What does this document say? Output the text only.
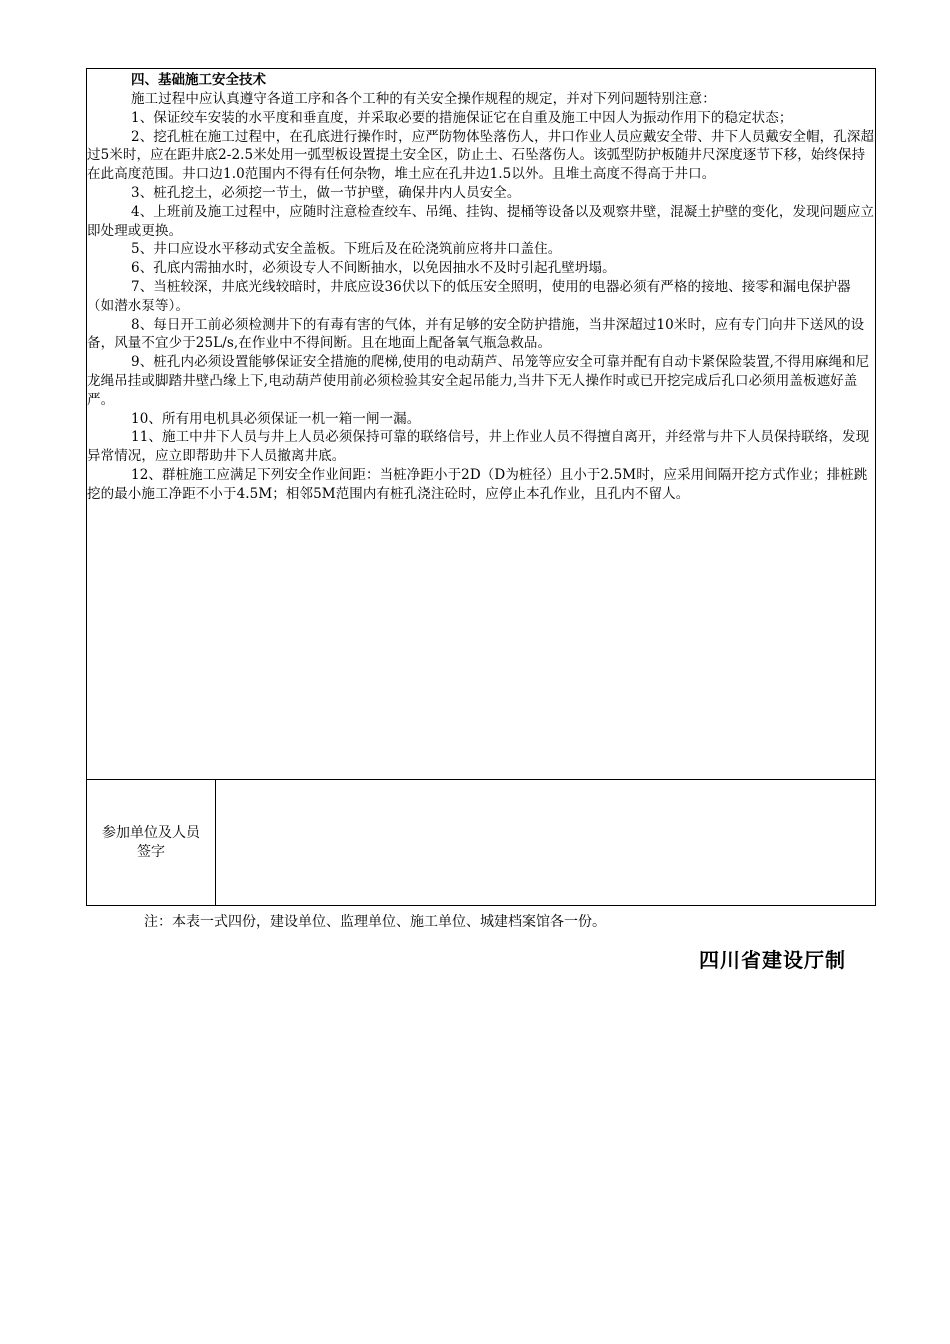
四、基础施工安全技术

施工过程中应认真遵守各道工序和各个工种的有关安全操作规程的规定，并对下列问题特别注意：

1、保证绞车安装的水平度和垂直度，并采取必要的措施保证它在自重及施工中因人为振动作用下的稳定状态；

2、挖孔桩在施工过程中，在孔底进行操作时，应严防物体坠落伤人，井口作业人员应戴安全带、井下人员戴安全帽，孔深超过5米时，应在距井底2-2.5米处用一弧型板设置提土安全区，防止土、石坠落伤人。该弧型防护板随井尺深度逐节下移，始终保持在此高度范围。井口边1.0范围内不得有任何杂物，堆土应在孔井边1.5以外。且堆土高度不得高于井口。

3、桩孔挖土，必须挖一节土，做一节护壁，确保井内人员安全。

4、上班前及施工过程中，应随时注意检查绞车、吊绳、挂钩、提桶等设备以及观察井壁，混凝土护壁的变化，发现问题应立即处理或更换。

5、井口应设水平移动式安全盖板。下班后及在砼浇筑前应将井口盖住。

6、孔底内需抽水时，必须设专人不间断抽水，以免因抽水不及时引起孔壁坍塌。

7、当桩较深，井底光线较暗时，井底应设36伏以下的低压安全照明，使用的电器必须有严格的接地、接零和漏电保护器（如潜水泵等）。

8、每日开工前必须检测井下的有毒有害的气体，并有足够的安全防护措施，当井深超过10米时，应有专门向井下送风的设备，风量不宜少于25L/s,在作业中不得间断。且在地面上配备氧气瓶急救品。

9、桩孔内必须设置能够保证安全措施的爬梯,使用的电动葫芦、吊笼等应安全可靠并配有自动卡紧保险装置,不得用麻绳和尼龙绳吊挂或脚踏井壁凸缘上下,电动葫芦使用前必须检验其安全起吊能力,当井下无人操作时或已开挖完成后孔口必须用盖板遮好盖严。

10、所有用电机具必须保证一机一箱一闸一漏。

11、施工中井下人员与井上人员必须保持可靠的联络信号，井上作业人员不得擅自离开，并经常与井下人员保持联络，发现异常情况，应立即帮助井下人员撤离井底。

12、群桩施工应满足下列安全作业间距：当桩净距小于2D（D为桩径）且小于2.5M时，应采用间隔开挖方式作业；排桩跳挖的最小施工净距不小于4.5M；相邻5M范围内有桩孔浇注砼时，应停止本孔作业，且孔内不留人。

参加单位及人员签字
注：本表一式四份，建设单位、监理单位、施工单位、城建档案馆各一份。
四川省建设厅制
